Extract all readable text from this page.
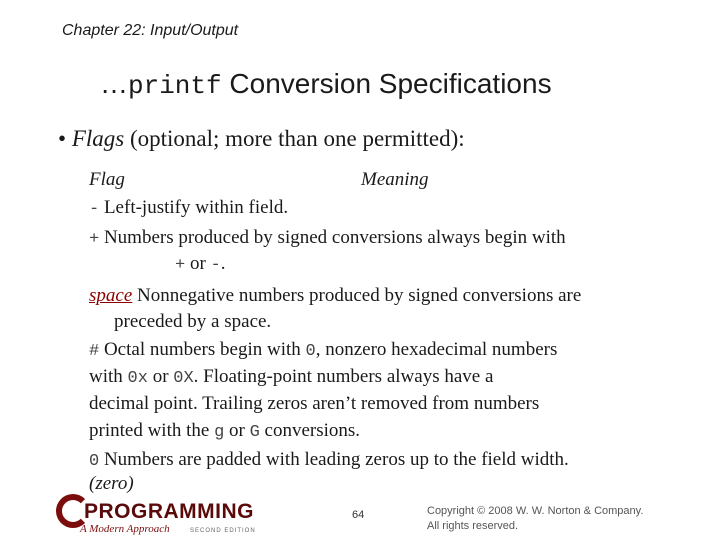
Chapter 22: Input/Output
…printf Conversion Specifications
• Flags (optional; more than one permitted):
Flag	Meaning
- Left-justify within field.
+ Numbers produced by signed conversions always begin with
+ or -.
space Nonnegative numbers produced by signed conversions are
preceded by a space.
# Octal numbers begin with 0, nonzero hexadecimal numbers
with 0x or 0X. Floating-point numbers always have a
decimal point. Trailing zeros aren’t removed from numbers
printed with the g or G conversions.
0 Numbers are padded with leading zeros up to the field width.
(zero)
PROGRAMMING
A Modern Approach	SECOND EDITION
64	Copyright © 2008 W. W. Norton & Company.
All rights reserved.
